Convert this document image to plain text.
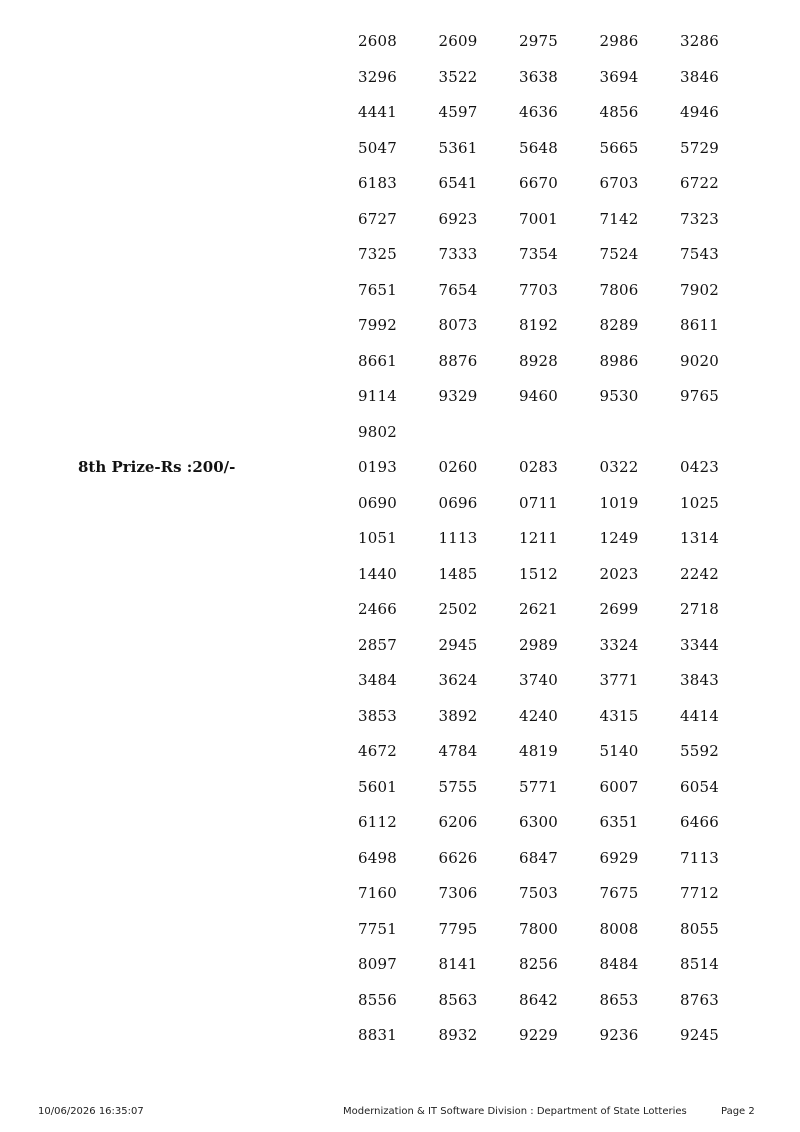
2608	2609	2975	2986	3286
3296	3522	3638	3694	3846
4441	4597	4636	4856	4946
5047	5361	5648	5665	5729
6183	6541	6670	6703	6722
6727	6923	7001	7142	7323
7325	7333	7354	7524	7543
7651	7654	7703	7806	7902
7992	8073	8192	8289	8611
8661	8876	8928	8986	9020
9114	9329	9460	9530	9765
9802
8th Prize-Rs :200/-	0193	0260	0283	0322	0423
0690	0696	0711	1019	1025
1051	1113	1211	1249	1314
1440	1485	1512	2023	2242
2466	2502	2621	2699	2718
2857	2945	2989	3324	3344
3484	3624	3740	3771	3843
3853	3892	4240	4315	4414
4672	4784	4819	5140	5592
5601	5755	5771	6007	6054
6112	6206	6300	6351	6466
6498	6626	6847	6929	7113
7160	7306	7503	7675	7712
7751	7795	7800	8008	8055
8097	8141	8256	8484	8514
8556	8563	8642	8653	8763
8831	8932	9229	9236	9245
10/06/2026 16:35:07	Modernization & IT Software Division : Department of State Lotteries	Page 2
